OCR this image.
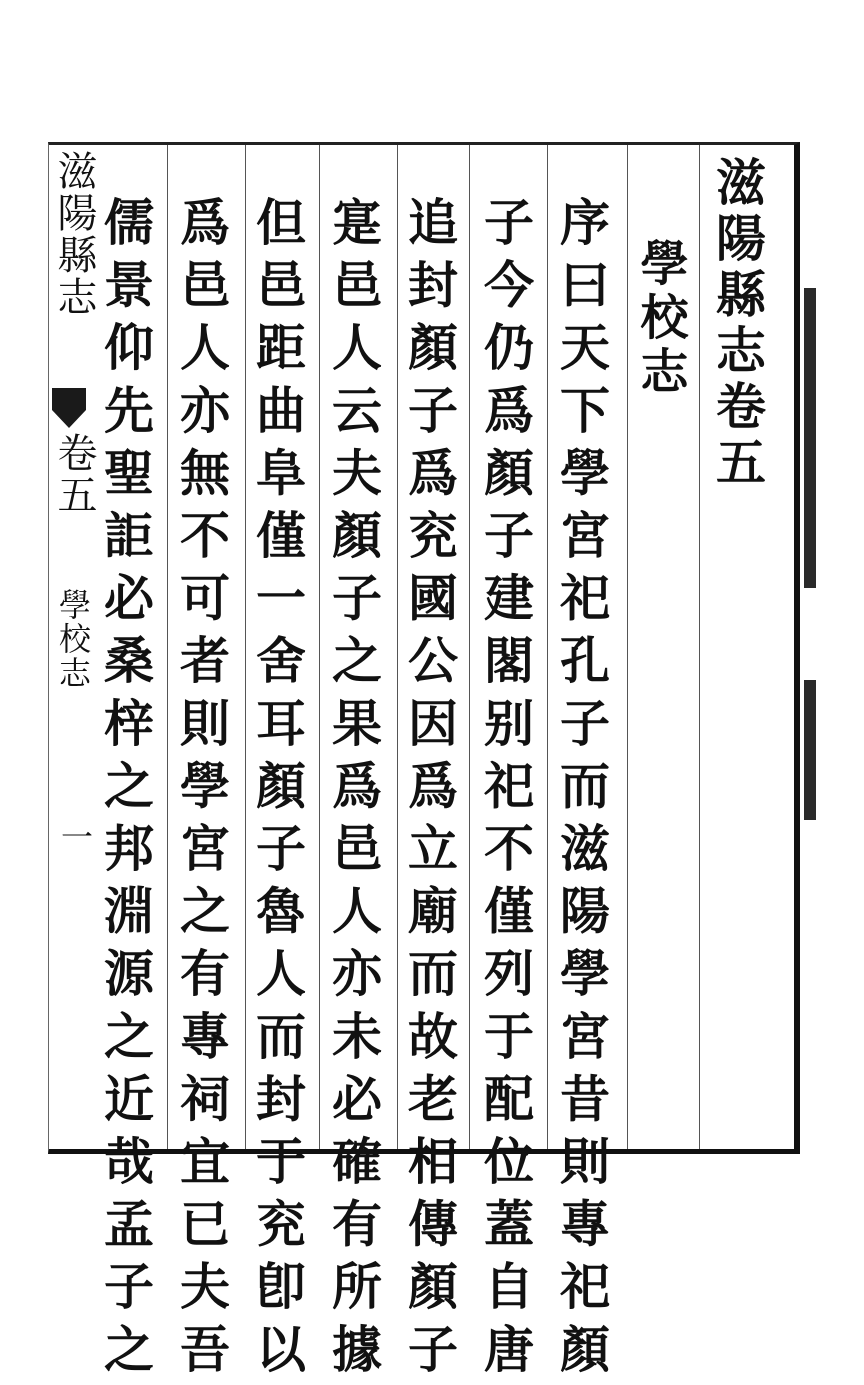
滋陽縣志
卷五
學校志
一
滋陽縣志卷五
學校志
序曰天下學宮祀孔子而滋陽學宮昔則專祀顏
子今仍爲顏子建閣别祀不僅列于配位蓋自唐
追封顏子爲兖國公因爲立廟而故老相傳顏子
寔邑人云夫顏子之果爲邑人亦未必確有所據
但邑距曲阜僅一舍耳顏子魯人而封于兖卽以
爲邑人亦無不可者則學宮之有專祠宜已夫吾
儒景仰先聖詎必桑梓之邦淵源之近哉孟子之
